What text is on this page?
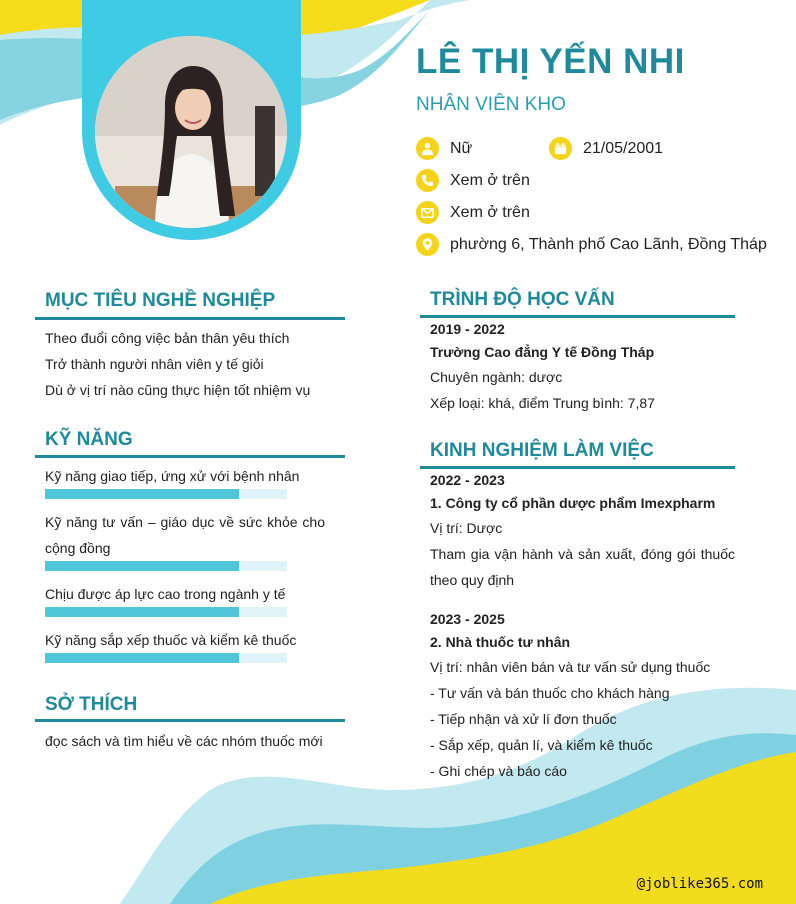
LÊ THỊ YẾN NHI
NHÂN VIÊN KHO
Nữ	21/05/2001
Xem ở trên
Xem ở trên
phường 6, Thành phố Cao Lãnh, Đồng Tháp
MỤC TIÊU NGHỀ NGHIỆP
Theo đuổi công việc bản thân yêu thích
Trở thành người nhân viên y tế giỏi
Dù ở vị trí nào cũng thực hiện tốt nhiệm vụ
KỸ NĂNG
Kỹ năng giao tiếp, ứng xử với bệnh nhân
Kỹ năng tư vấn – giáo dục về sức khỏe cho cộng đồng
Chịu được áp lực cao trong ngành y tế
Kỹ năng sắp xếp thuốc và kiểm kê thuốc
SỞ THÍCH
đọc sách và tìm hiểu về các nhóm thuốc mới
TRÌNH ĐỘ HỌC VẤN
2019 - 2022
Trường Cao đẳng Y tế Đồng Tháp
Chuyên ngành: dược
Xếp loại: khá, điểm Trung bình: 7,87
KINH NGHIỆM LÀM VIỆC
2022 - 2023
1. Công ty cổ phần dược phẩm Imexpharm
Vị trí: Dược
Tham gia vận hành và sản xuất, đóng gói thuốc theo quy định
2023 - 2025
2. Nhà thuốc tư nhân
Vị trí: nhân viên bán và tư vấn sử dụng thuốc
- Tư vấn và bán thuốc cho khách hàng
- Tiếp nhận và xử lí đơn thuốc
- Sắp xếp, quản lí, và kiểm kê thuốc
- Ghi chép và báo cáo
@joblike365.com
